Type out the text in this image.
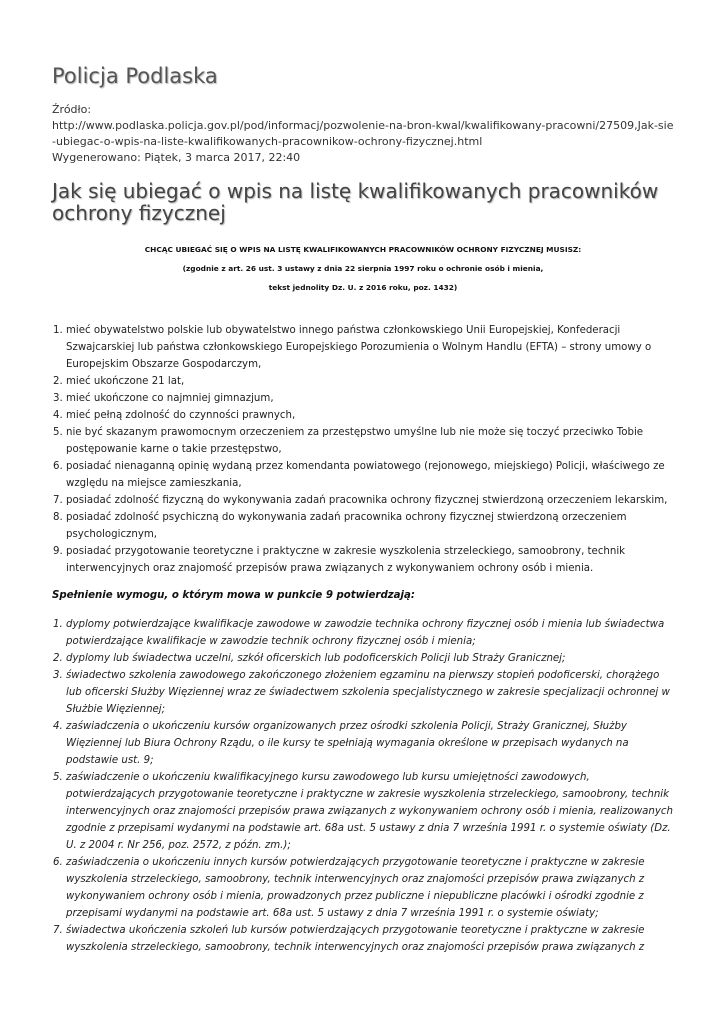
Policja Podlaska
Źródło:
http://www.podlaska.policja.gov.pl/pod/informacj/pozwolenie-na-bron-kwal/kwalifikowany-pracowni/27509,Jak-sie-ubiegac-o-wpis-na-liste-kwalifikowanych-pracownikow-ochrony-fizycznej.html
Wygenerowano: Piątek, 3 marca 2017, 22:40
Jak się ubiegać o wpis na listę kwalifikowanych pracowników ochrony fizycznej

CHCĄC UBIEGAĆ SIĘ O WPIS NA LISTĘ KWALIFIKOWANYCH PRACOWNIKÓW OCHRONY FIZYCZNEJ MUSISZ:

(zgodnie z art. 26 ust. 3 ustawy z dnia 22 sierpnia 1997 roku o ochronie osób i mienia,

tekst jednolity Dz. U. z 2016 roku, poz. 1432)

1. mieć obywatelstwo polskie lub obywatelstwo innego państwa członkowskiego Unii Europejskiej, Konfederacji Szwajcarskiej lub państwa członkowskiego Europejskiego Porozumienia o Wolnym Handlu (EFTA) – strony umowy o Europejskim Obszarze Gospodarczym,
2. mieć ukończone 21 lat,
3. mieć ukończone co najmniej gimnazjum,
4. mieć pełną zdolność do czynności prawnych,
5. nie być skazanym prawomocnym orzeczeniem za przestępstwo umyślne lub nie może się toczyć przeciwko Tobie postępowanie karne o takie przestępstwo,
6. posiadać nienaganną opinię wydaną przez komendanta powiatowego (rejonowego, miejskiego) Policji, właściwego ze względu na miejsce zamieszkania,
7. posiadać zdolność fizyczną do wykonywania zadań pracownika ochrony fizycznej stwierdzoną orzeczeniem lekarskim,
8. posiadać zdolność psychiczną do wykonywania zadań pracownika ochrony fizycznej stwierdzoną orzeczeniem psychologicznym,
9. posiadać przygotowanie teoretyczne i praktyczne w zakresie wyszkolenia strzeleckiego, samoobrony, technik interwencyjnych oraz znajomość przepisów prawa związanych z wykonywaniem ochrony osób i mienia.

Spełnienie wymogu, o którym mowa w punkcie 9 potwierdzają:

1. dyplomy potwierdzające kwalifikacje zawodowe w zawodzie technika ochrony fizycznej osób i mienia lub świadectwa potwierdzające kwalifikacje w zawodzie technik ochrony fizycznej osób i mienia;
2. dyplomy lub świadectwa uczelni, szkół oficerskich lub podoficerskich Policji lub Straży Granicznej;
3. świadectwo szkolenia zawodowego zakończonego złożeniem egzaminu na pierwszy stopień podoficerski, chorążego lub oficerski Służby Więziennej wraz ze świadectwem szkolenia specjalistycznego w zakresie specjalizacji ochronnej w Służbie Więziennej;
4. zaświadczenia o ukończeniu kursów organizowanych przez ośrodki szkolenia Policji, Straży Granicznej, Służby Więziennej lub Biura Ochrony Rządu, o ile kursy te spełniają wymagania określone w przepisach wydanych na podstawie ust. 9;
5. zaświadczenie o ukończeniu kwalifikacyjnego kursu zawodowego lub kursu umiejętności zawodowych, potwierdzających przygotowanie teoretyczne i praktyczne w zakresie wyszkolenia strzeleckiego, samoobrony, technik interwencyjnych oraz znajomości przepisów prawa związanych z wykonywaniem ochrony osób i mienia, realizowanych zgodnie z przepisami wydanymi na podstawie art. 68a ust. 5 ustawy z dnia 7 września 1991 r. o systemie oświaty (Dz. U. z 2004 r. Nr 256, poz. 2572, z późn. zm.);
6. zaświadczenia o ukończeniu innych kursów potwierdzających przygotowanie teoretyczne i praktyczne w zakresie wyszkolenia strzeleckiego, samoobrony, technik interwencyjnych oraz znajomości przepisów prawa związanych z wykonywaniem ochrony osób i mienia, prowadzonych przez publiczne i niepubliczne placówki i ośrodki zgodnie z przepisami wydanymi na podstawie art. 68a ust. 5 ustawy z dnia 7 września 1991 r. o systemie oświaty;
7. świadectwa ukończenia szkoleń lub kursów potwierdzających przygotowanie teoretyczne i praktyczne w zakresie wyszkolenia strzeleckiego, samoobrony, technik interwencyjnych oraz znajomości przepisów prawa związanych z
